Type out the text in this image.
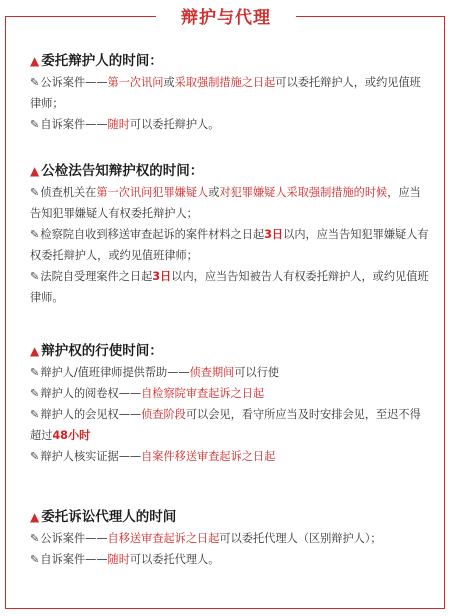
辩护与代理
▲ 委托辩护人的时间：
✎公诉案件——第一次讯问或采取强制措施之日起可以委托辩护人，或约见值班律师；
✎自诉案件——随时可以委托辩护人。
▲ 公检法告知辩护权的时间：
✎侦查机关在第一次讯问犯罪嫌疑人或对犯罪嫌疑人采取强制措施的时候，应当告知犯罪嫌疑人有权委托辩护人；
✎检察院自收到移送审查起诉的案件材料之日起3日以内，应当告知犯罪嫌疑人有权委托辩护人，或约见值班律师；
✎法院自受理案件之日起3日以内，应当告知被告人有权委托辩护人，或约见值班律师。
▲ 辩护权的行使时间：
✎辩护人/值班律师提供帮助——侦查期间可以行使
✎辩护人的阅卷权——自检察院审查起诉之日起
✎辩护人的会见权——侦查阶段可以会见，看守所应当及时安排会见，至迟不得超过48小时
✎辩护人核实证据——自案件移送审查起诉之日起
▲ 委托诉讼代理人的时间
✎公诉案件——自移送审查起诉之日起可以委托代理人（区别辩护人）；
✎自诉案件——随时可以委托代理人。
